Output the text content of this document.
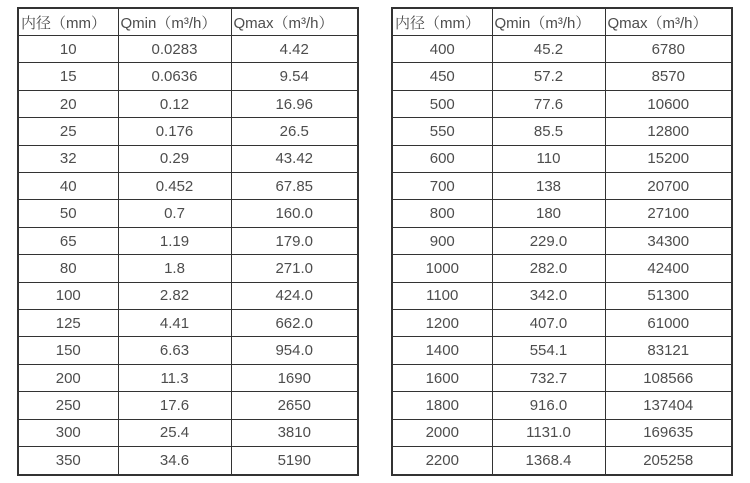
内径（mm）	Qmin（m³/h）	Qmax（m³/h）
10	0.0283	4.42
15	0.0636	9.54
20	0.12	16.96
25	0.176	26.5
32	0.29	43.42
40	0.452	67.85
50	0.7	160.0
65	1.19	179.0
80	1.8	271.0
100	2.82	424.0
125	4.41	662.0
150	6.63	954.0
200	11.3	1690
250	17.6	2650
300	25.4	3810
350	34.6	5190
内径（mm）	Qmin（m³/h）	Qmax（m³/h）
400	45.2	6780
450	57.2	8570
500	77.6	10600
550	85.5	12800
600	110	15200
700	138	20700
800	180	27100
900	229.0	34300
1000	282.0	42400
1100	342.0	51300
1200	407.0	61000
1400	554.1	83121
1600	732.7	108566
1800	916.0	137404
2000	1131.0	169635
2200	1368.4	205258
